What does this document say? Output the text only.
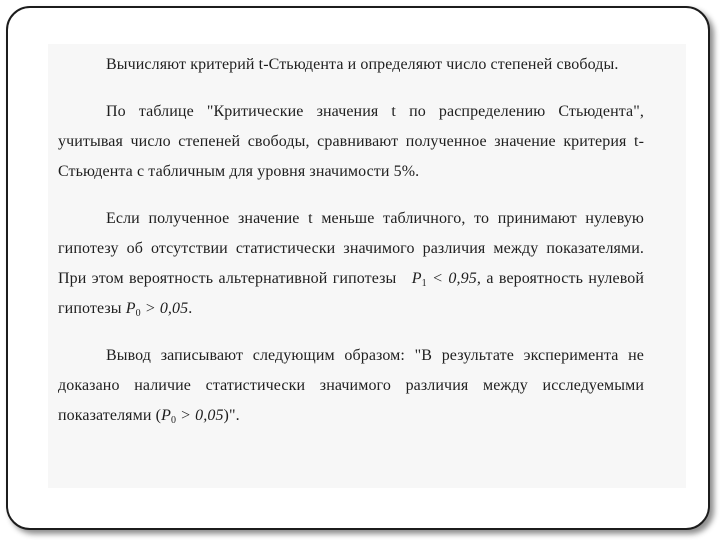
Вычисляют критерий t-Стьюдента и определяют число степеней свободы.

По таблице "Критические значения t по распределению Стьюдента", учитывая число степеней свободы, сравнивают полученное значение критерия t-Стьюдента с табличным для уровня значимости 5%.

Если полученное значение t меньше табличного, то принимают нулевую гипотезу об отсутствии статистически значимого различия между показателями. При этом вероятность альтернативной гипотезы $P_1 < 0,95$, а вероятность нулевой гипотезы $P_0 > 0,05$.

Вывод записывают следующим образом: "В результате эксперимента не доказано наличие статистически значимого различия между исследуемыми показателями $(P_0 > 0,05)$".
